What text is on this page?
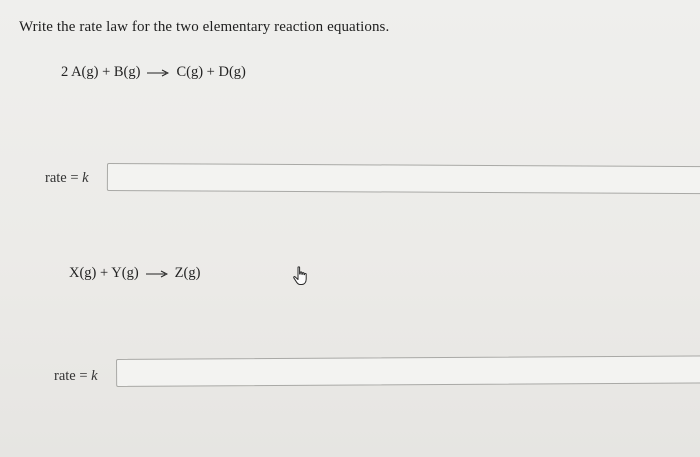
Write the rate law for the two elementary reaction equations.
2 A(g) + B(g) → C(g) + D(g)
rate = k
X(g) + Y(g) → Z(g)
rate = k
